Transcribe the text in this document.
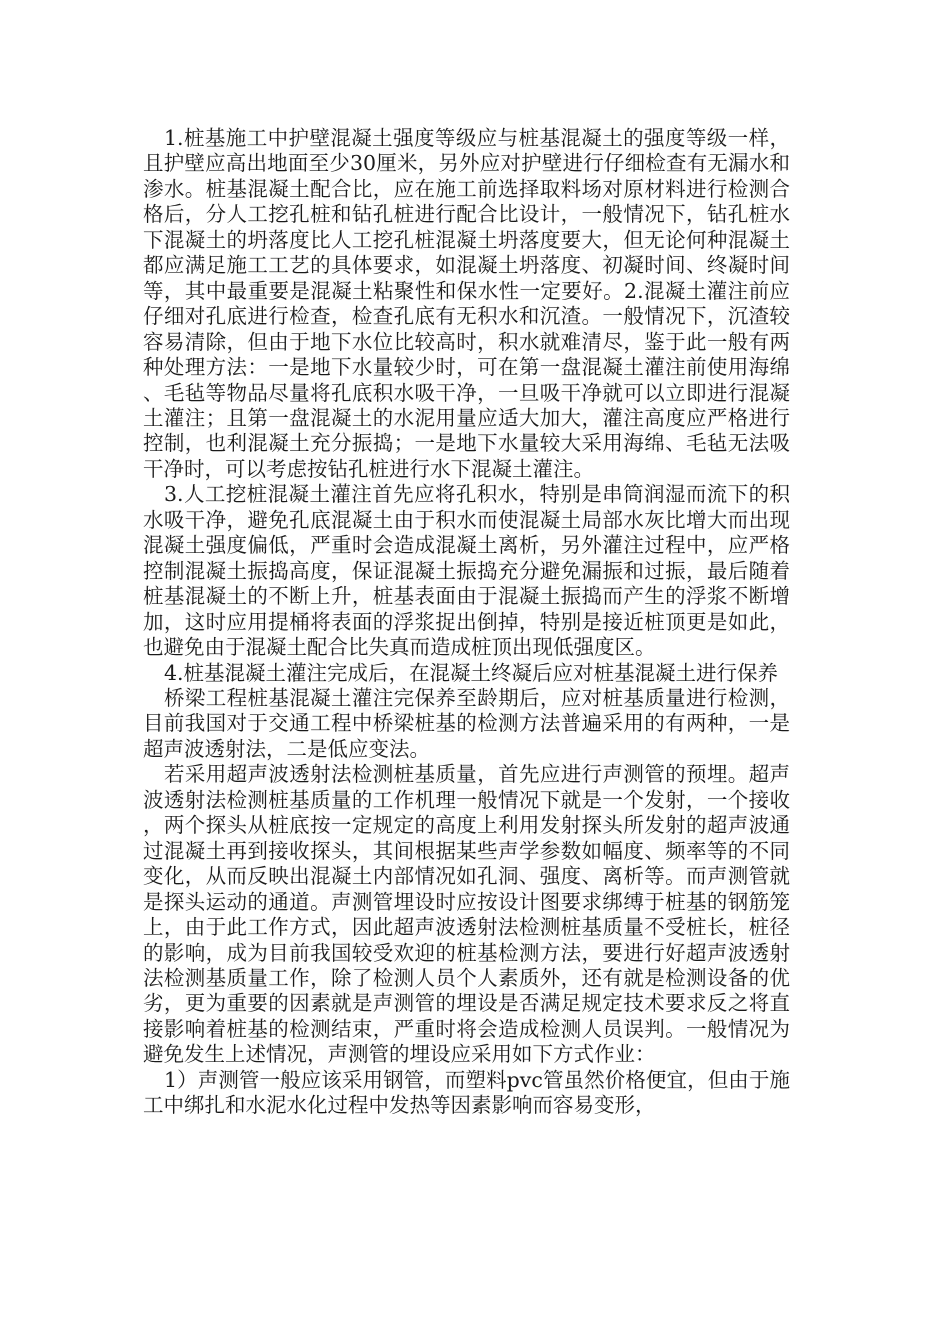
1.桩基施工中护壁混凝土强度等级应与桩基混凝土的强度等级一样，且护壁应高出地面至少30厘米，另外应对护壁进行仔细检查有无漏水和渗水。桩基混凝土配合比，应在施工前选择取料场对原材料进行检测合格后，分人工挖孔桩和钻孔桩进行配合比设计，一般情况下，钻孔桩水下混凝土的坍落度比人工挖孔桩混凝土坍落度要大，但无论何种混凝土都应满足施工工艺的具体要求，如混凝土坍落度、初凝时间、终凝时间等，其中最重要是混凝土粘聚性和保水性一定要好。2.混凝土灌注前应仔细对孔底进行检查，检查孔底有无积水和沉渣。一般情况下，沉渣较容易清除，但由于地下水位比较高时，积水就难清尽，鉴于此一般有两种处理方法：一是地下水量较少时，可在第一盘混凝土灌注前使用海绵、毛毡等物品尽量将孔底积水吸干净，一旦吸干净就可以立即进行混凝土灌注；且第一盘混凝土的水泥用量应适大加大，灌注高度应严格进行控制，也利混凝土充分振捣；一是地下水量较大采用海绵、毛毡无法吸干净时，可以考虑按钻孔桩进行水下混凝土灌注。

3.人工挖桩混凝土灌注首先应将孔积水，特别是串筒润湿而流下的积水吸干净，避免孔底混凝土由于积水而使混凝土局部水灰比增大而出现混凝土强度偏低，严重时会造成混凝土离析，另外灌注过程中，应严格控制混凝土振捣高度，保证混凝土振捣充分避免漏振和过振，最后随着桩基混凝土的不断上升，桩基表面由于混凝土振捣而产生的浮浆不断增加，这时应用提桶将表面的浮浆捉出倒掉，特别是接近桩顶更是如此，也避免由于混凝土配合比失真而造成桩顶出现低强度区。

4.桩基混凝土灌注完成后，在混凝土终凝后应对桩基混凝土进行保养

桥梁工程桩基混凝土灌注完保养至龄期后，应对桩基质量进行检测，目前我国对于交通工程中桥梁桩基的检测方法普遍采用的有两种，一是超声波透射法，二是低应变法。

若采用超声波透射法检测桩基质量，首先应进行声测管的预埋。超声波透射法检测桩基质量的工作机理一般情况下就是一个发射，一个接收，两个探头从桩底按一定规定的高度上利用发射探头所发射的超声波通过混凝土再到接收探头，其间根据某些声学参数如幅度、频率等的不同变化，从而反映出混凝土内部情况如孔洞、强度、离析等。而声测管就是探头运动的通道。声测管埋设时应按设计图要求绑缚于桩基的钢筋笼上，由于此工作方式，因此超声波透射法检测桩基质量不受桩长，桩径的影响，成为目前我国较受欢迎的桩基检测方法，要进行好超声波透射法检测基质量工作，除了检测人员个人素质外，还有就是检测设备的优劣，更为重要的因素就是声测管的埋设是否满足规定技术要求反之将直接影响着桩基的检测结束，严重时将会造成检测人员误判。一般情况为避免发生上述情况，声测管的埋设应采用如下方式作业：

1）声测管一般应该采用钢管，而塑料pvc管虽然价格便宜，但由于施工中绑扎和水泥水化过程中发热等因素影响而容易变形，
